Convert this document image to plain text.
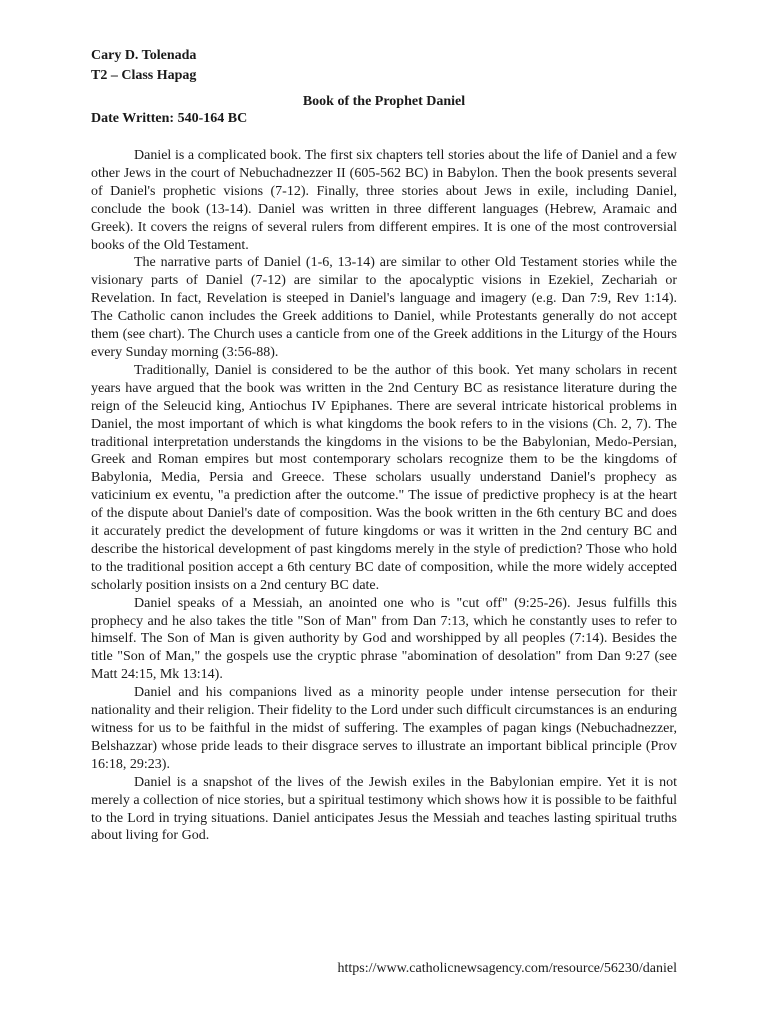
Cary D. Tolenada
T2 – Class Hapag
Book of the Prophet Daniel
Date Written: 540-164 BC

Daniel is a complicated book. The first six chapters tell stories about the life of Daniel and a few other Jews in the court of Nebuchadnezzer II (605-562 BC) in Babylon. Then the book presents several of Daniel's prophetic visions (7-12). Finally, three stories about Jews in exile, including Daniel, conclude the book (13-14). Daniel was written in three different languages (Hebrew, Aramaic and Greek). It covers the reigns of several rulers from different empires. It is one of the most controversial books of the Old Testament.

The narrative parts of Daniel (1-6, 13-14) are similar to other Old Testament stories while the visionary parts of Daniel (7-12) are similar to the apocalyptic visions in Ezekiel, Zechariah or Revelation. In fact, Revelation is steeped in Daniel's language and imagery (e.g. Dan 7:9, Rev 1:14). The Catholic canon includes the Greek additions to Daniel, while Protestants generally do not accept them (see chart). The Church uses a canticle from one of the Greek additions in the Liturgy of the Hours every Sunday morning (3:56-88).

Traditionally, Daniel is considered to be the author of this book. Yet many scholars in recent years have argued that the book was written in the 2nd Century BC as resistance literature during the reign of the Seleucid king, Antiochus IV Epiphanes. There are several intricate historical problems in Daniel, the most important of which is what kingdoms the book refers to in the visions (Ch. 2, 7). The traditional interpretation understands the kingdoms in the visions to be the Babylonian, Medo-Persian, Greek and Roman empires but most contemporary scholars recognize them to be the kingdoms of Babylonia, Media, Persia and Greece. These scholars usually understand Daniel's prophecy as vaticinium ex eventu, "a prediction after the outcome." The issue of predictive prophecy is at the heart of the dispute about Daniel's date of composition. Was the book written in the 6th century BC and does it accurately predict the development of future kingdoms or was it written in the 2nd century BC and describe the historical development of past kingdoms merely in the style of prediction? Those who hold to the traditional position accept a 6th century BC date of composition, while the more widely accepted scholarly position insists on a 2nd century BC date.

Daniel speaks of a Messiah, an anointed one who is "cut off" (9:25-26). Jesus fulfills this prophecy and he also takes the title "Son of Man" from Dan 7:13, which he constantly uses to refer to himself. The Son of Man is given authority by God and worshipped by all peoples (7:14). Besides the title "Son of Man," the gospels use the cryptic phrase "abomination of desolation" from Dan 9:27 (see Matt 24:15, Mk 13:14).

Daniel and his companions lived as a minority people under intense persecution for their nationality and their religion. Their fidelity to the Lord under such difficult circumstances is an enduring witness for us to be faithful in the midst of suffering. The examples of pagan kings (Nebuchadnezzer, Belshazzar) whose pride leads to their disgrace serves to illustrate an important biblical principle (Prov 16:18, 29:23).

Daniel is a snapshot of the lives of the Jewish exiles in the Babylonian empire. Yet it is not merely a collection of nice stories, but a spiritual testimony which shows how it is possible to be faithful to the Lord in trying situations. Daniel anticipates Jesus the Messiah and teaches lasting spiritual truths about living for God.

https://www.catholicnewsagency.com/resource/56230/daniel
